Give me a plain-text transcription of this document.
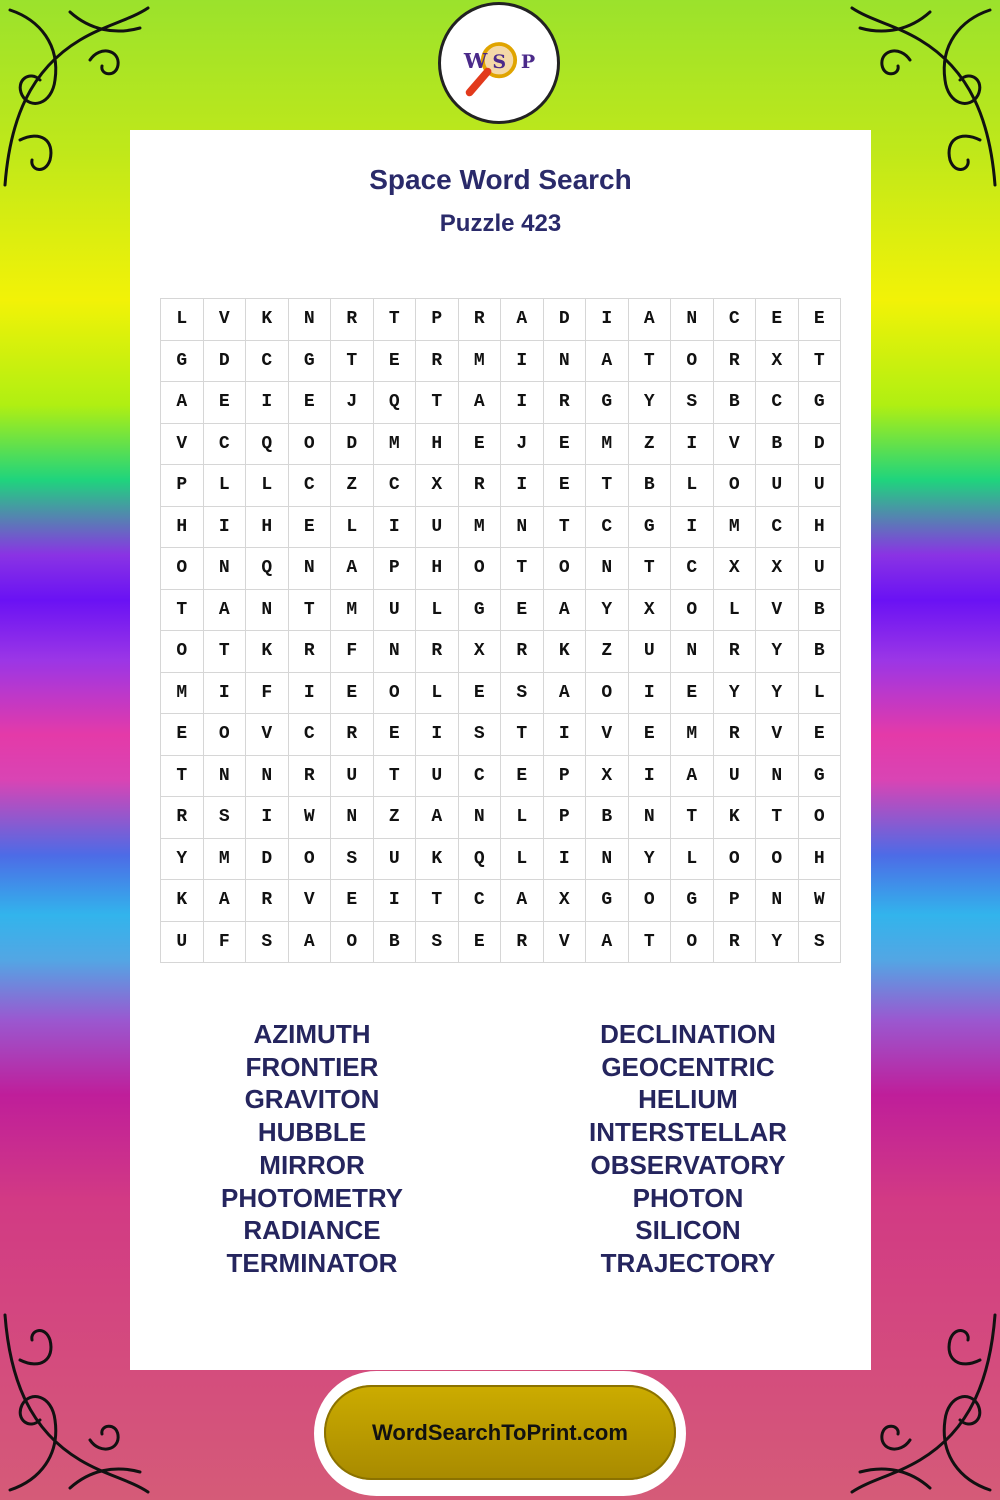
W S P
Space Word Search
Puzzle 423
L	V	K	N	R	T	P	R	A	D	I	A	N	C	E	E
G	D	C	G	T	E	R	M	I	N	A	T	O	R	X	T
A	E	I	E	J	Q	T	A	I	R	G	Y	S	B	C	G
V	C	Q	O	D	M	H	E	J	E	M	Z	I	V	B	D
P	L	L	C	Z	C	X	R	I	E	T	B	L	O	U	U
H	I	H	E	L	I	U	M	N	T	C	G	I	M	C	H
O	N	Q	N	A	P	H	O	T	O	N	T	C	X	X	U
T	A	N	T	M	U	L	G	E	A	Y	X	O	L	V	B
O	T	K	R	F	N	R	X	R	K	Z	U	N	R	Y	B
M	I	F	I	E	O	L	E	S	A	O	I	E	Y	Y	L
E	O	V	C	R	E	I	S	T	I	V	E	M	R	V	E
T	N	N	R	U	T	U	C	E	P	X	I	A	U	N	G
R	S	I	W	N	Z	A	N	L	P	B	N	T	K	T	O
Y	M	D	O	S	U	K	Q	L	I	N	Y	L	O	O	H
K	A	R	V	E	I	T	C	A	X	G	O	G	P	N	W
U	F	S	A	O	B	S	E	R	V	A	T	O	R	Y	S
AZIMUTH
FRONTIER
GRAVITON
HUBBLE
MIRROR
PHOTOMETRY
RADIANCE
TERMINATOR
DECLINATION
GEOCENTRIC
HELIUM
INTERSTELLAR
OBSERVATORY
PHOTON
SILICON
TRAJECTORY
WordSearchToPrint.com
